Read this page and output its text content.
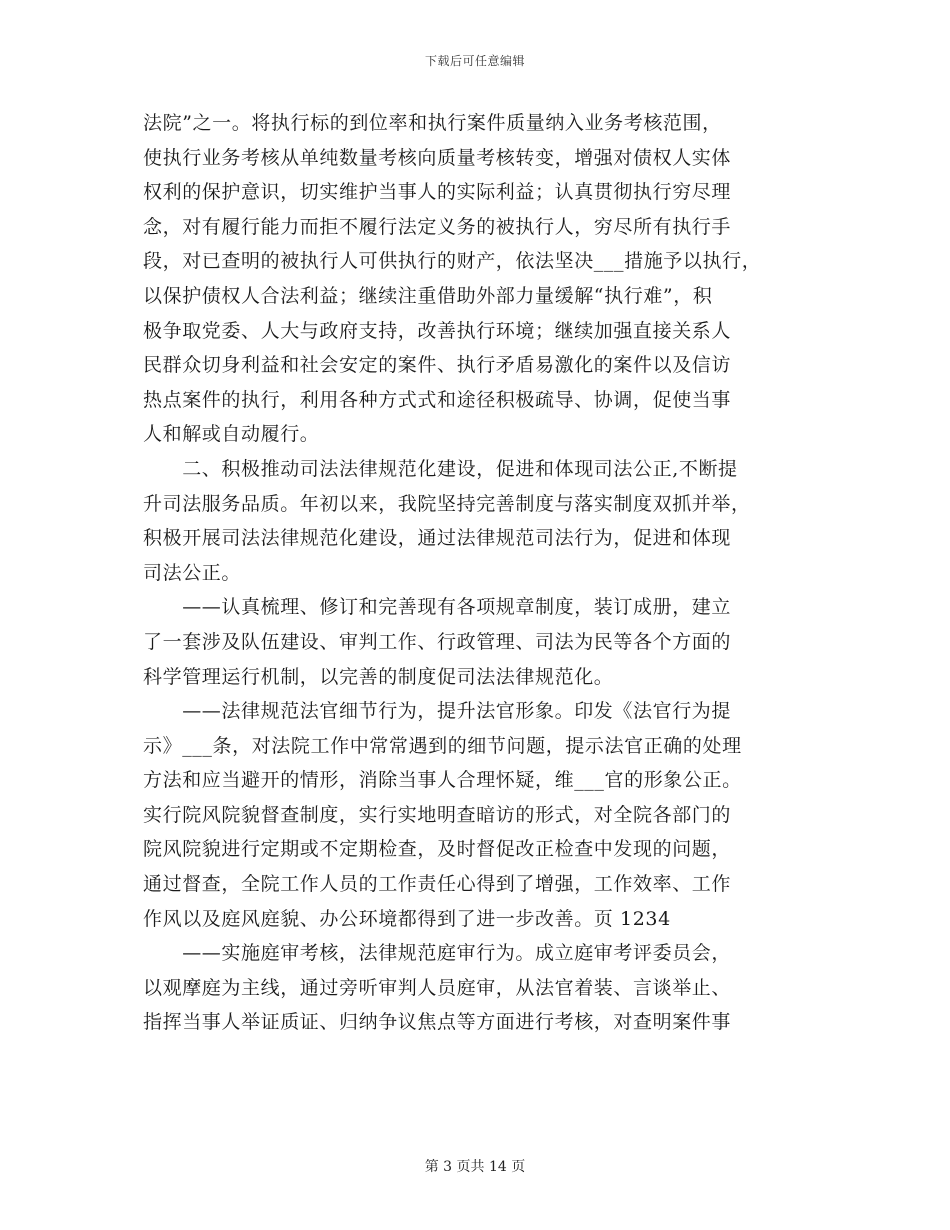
下载后可任意编辑
法院”之一。将执行标的到位率和执行案件质量纳入业务考核范围，
使执行业务考核从单纯数量考核向质量考核转变，增强对债权人实体
权利的保护意识，切实维护当事人的实际利益；认真贯彻执行穷尽理
念，对有履行能力而拒不履行法定义务的被执行人，穷尽所有执行手
段，对已查明的被执行人可供执行的财产，依法坚决___措施予以执行，
以保护债权人合法利益；继续注重借助外部力量缓解“执行难”，积
极争取党委、人大与政府支持，改善执行环境；继续加强直接关系人
民群众切身利益和社会安定的案件、执行矛盾易激化的案件以及信访
热点案件的执行，利用各种方式式和途径积极疏导、协调，促使当事
人和解或自动履行。
　　二、积极推动司法法律规范化建设，促进和体现司法公正,不断提
升司法服务品质。年初以来，我院坚持完善制度与落实制度双抓并举，
积极开展司法法律规范化建设，通过法律规范司法行为，促进和体现
司法公正。
　　——认真梳理、修订和完善现有各项规章制度，装订成册，建立
了一套涉及队伍建设、审判工作、行政管理、司法为民等各个方面的
科学管理运行机制，以完善的制度促司法法律规范化。
　　——法律规范法官细节行为，提升法官形象。印发《法官行为提
示》___条，对法院工作中常常遇到的细节问题，提示法官正确的处理
方法和应当避开的情形，消除当事人合理怀疑，维___官的形象公正。
实行院风院貌督查制度，实行实地明查暗访的形式，对全院各部门的
院风院貌进行定期或不定期检查，及时督促改正检查中发现的问题，
通过督查，全院工作人员的工作责任心得到了增强，工作效率、工作
作风以及庭风庭貌、办公环境都得到了进一步改善。页 1234
　　——实施庭审考核，法律规范庭审行为。成立庭审考评委员会，
以观摩庭为主线，通过旁听审判人员庭审，从法官着装、言谈举止、
指挥当事人举证质证、归纳争议焦点等方面进行考核，对查明案件事
第 3 页共 14 页
